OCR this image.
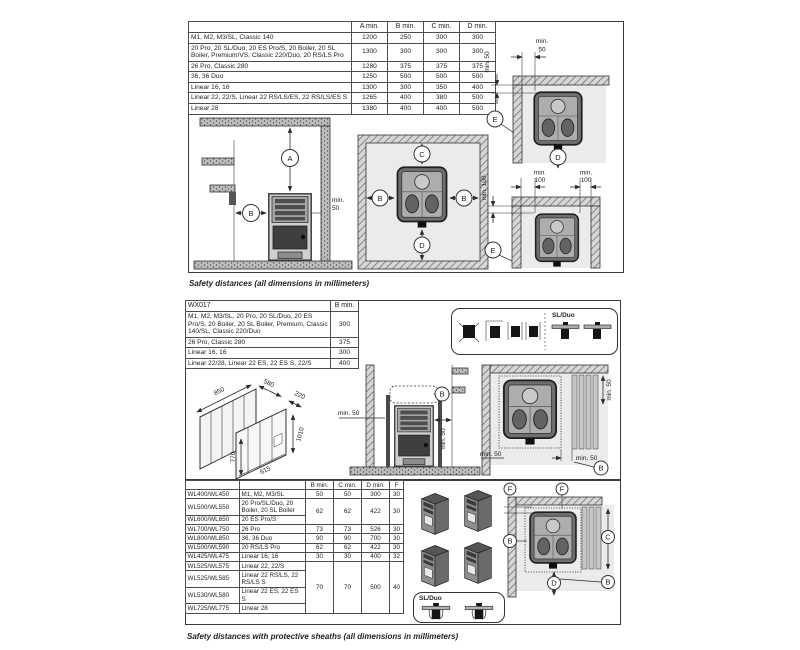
	A min.	B min.	C min.	D min.
M1, M2, M3/SL, Classic 140	1200	250	300	300
20 Pro, 20 SL/Duo, 20 ES Pro/S, 20 Boiler, 20 SL Boiler, Premium/VS, Classic 220/Duo, 20 RS/LS Pro	1300	300	300	300
26 Pro, Classic 280	1280	375	375	375
36, 36 Duo	1250	500	500	500
Linear 16, 16	1300	300	350	400
Linear 22, 22/S, Linear 22 RS/LS/ES, 22 RS/LS/ES S	1265	400	380	500
Linear 28	1380	400	400	500
A
B
min.
50
C
B	B
D
min. 50
min.
50
E
D
min. 100
min.
100
min.
100
E
Safety distances (all dimensions in millimeters)
WX017	B min.
M1, M2, M3/SL, 20 Pro, 20 SL/Duo, 20 ES Pro/S, 20 Boiler, 20 SL Boiler, Premium, Classic 140/SL, Classic 220/Duo	300
26 Pro, Classic 280	375
Linear 16, 16	300
Linear 22/28, Linear 22 ES, 22 ES S, 22/S	400
SL/Duo
850
580
220
1010
770
615
B
min. 50
min. 50
min. 50
min. 50
min. 50
B
		B min.	C min.	D min.	F
WL400/WL450	M1, M2, M3/SL	50	50	300	30
WL500/WL550	20 Pro/SL/Duo, 20 Boiler, 20 SL Boiler	62	62	422	30
WL600/WL650	20 ES Pro/S				
WL700/WL750	26 Pro	73	73	526	30
WL800/WL850	36, 36 Duo	90	90	700	30
WL500/WL590	20 RS/LS Pro	62	62	422	30
WL425/WL475	Linear 16, 16	30	30	400	32
WL525/WL575	Linear 22, 22/S	70	70	500	40
WL525/WL585	Linear 22 RS/LS, 22 RS/LS S				
WL530/WL580	Linear 22 ES, 22 ES S				
WL725/WL775	Linear 28				
SL/Duo
F	F
C
B
D	B
Safety distances with protective sheaths (all dimensions in millimeters)
